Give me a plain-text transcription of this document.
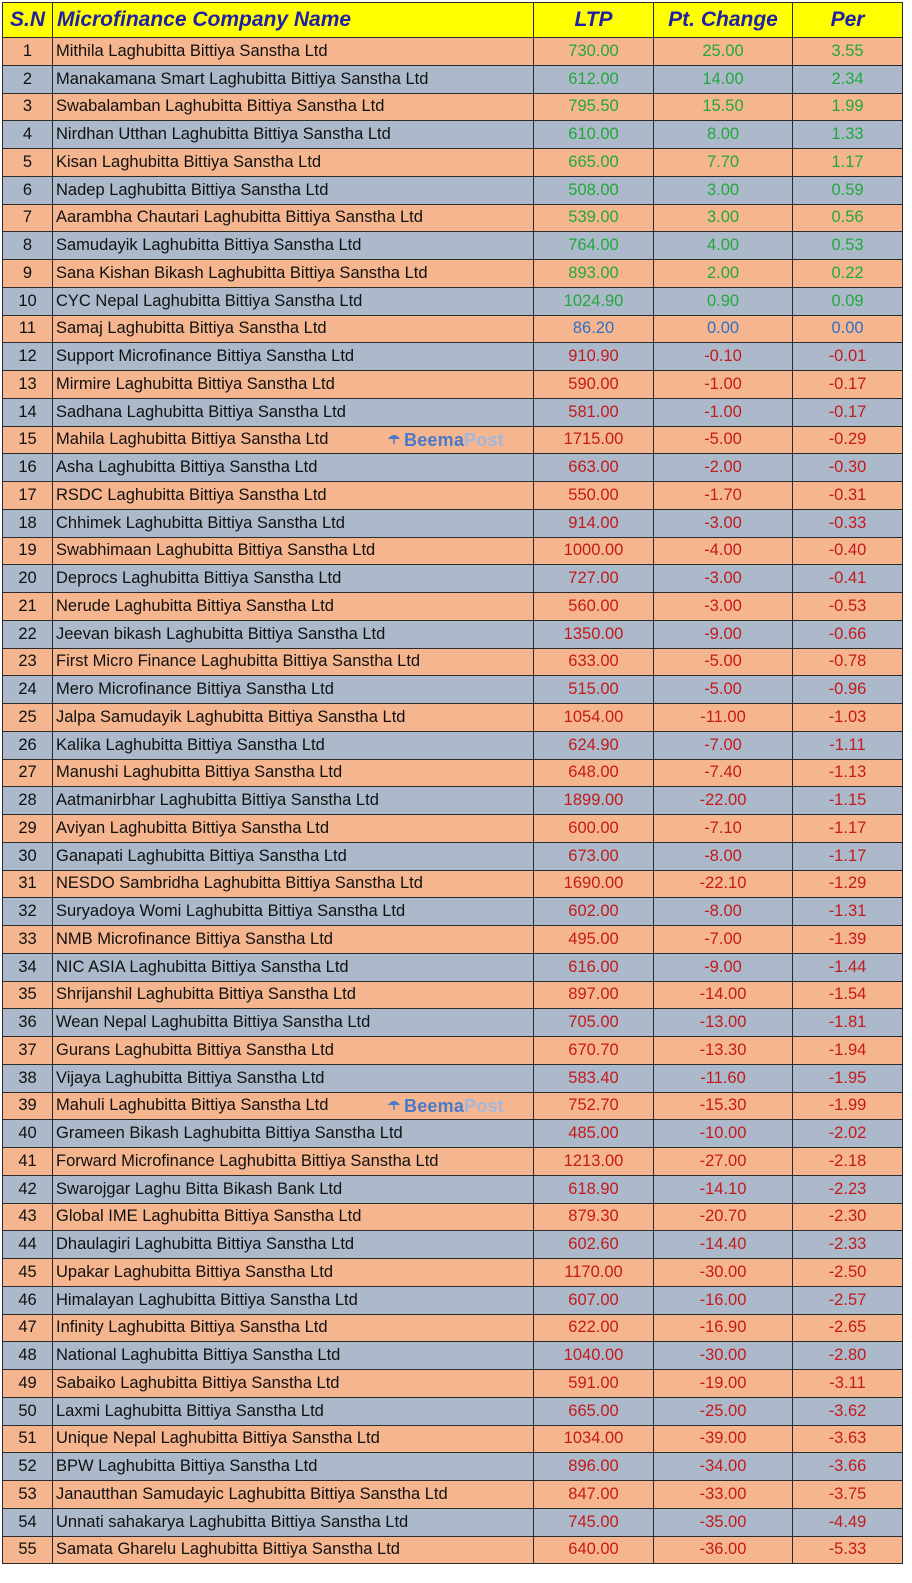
S.N	Microfinance Company Name	LTP	Pt. Change	Per
1	Mithila Laghubitta Bittiya Sanstha Ltd	730.00	25.00	3.55
2	Manakamana Smart Laghubitta Bittiya Sanstha Ltd	612.00	14.00	2.34
3	Swabalamban Laghubitta Bittiya Sanstha Ltd	795.50	15.50	1.99
4	Nirdhan Utthan Laghubitta Bittiya Sanstha Ltd	610.00	8.00	1.33
5	Kisan Laghubitta Bittiya Sanstha Ltd	665.00	7.70	1.17
6	Nadep Laghubitta Bittiya Sanstha Ltd	508.00	3.00	0.59
7	Aarambha Chautari Laghubitta Bittiya Sanstha Ltd	539.00	3.00	0.56
8	Samudayik Laghubitta Bittiya Sanstha Ltd	764.00	4.00	0.53
9	Sana Kishan Bikash Laghubitta Bittiya Sanstha Ltd	893.00	2.00	0.22
10	CYC Nepal Laghubitta Bittiya Sanstha Ltd	1024.90	0.90	0.09
11	Samaj Laghubitta Bittiya Sanstha Ltd	86.20	0.00	0.00
12	Support Microfinance Bittiya Sanstha Ltd	910.90	-0.10	-0.01
13	Mirmire Laghubitta Bittiya Sanstha Ltd	590.00	-1.00	-0.17
14	Sadhana Laghubitta Bittiya Sanstha Ltd	581.00	-1.00	-0.17
15	Mahila Laghubitta Bittiya Sanstha Ltd BeemaPost	1715.00	-5.00	-0.29
16	Asha Laghubitta Bittiya Sanstha Ltd	663.00	-2.00	-0.30
17	RSDC Laghubitta Bittiya Sanstha Ltd	550.00	-1.70	-0.31
18	Chhimek Laghubitta Bittiya Sanstha Ltd	914.00	-3.00	-0.33
19	Swabhimaan Laghubitta Bittiya Sanstha Ltd	1000.00	-4.00	-0.40
20	Deprocs Laghubitta Bittiya Sanstha Ltd	727.00	-3.00	-0.41
21	Nerude Laghubitta Bittiya Sanstha Ltd	560.00	-3.00	-0.53
22	Jeevan bikash Laghubitta Bittiya Sanstha Ltd	1350.00	-9.00	-0.66
23	First Micro Finance Laghubitta Bittiya Sanstha Ltd	633.00	-5.00	-0.78
24	Mero Microfinance Bittiya Sanstha Ltd	515.00	-5.00	-0.96
25	Jalpa Samudayik Laghubitta Bittiya Sanstha Ltd	1054.00	-11.00	-1.03
26	Kalika Laghubitta Bittiya Sanstha Ltd	624.90	-7.00	-1.11
27	Manushi Laghubitta Bittiya Sanstha Ltd	648.00	-7.40	-1.13
28	Aatmanirbhar Laghubitta Bittiya Sanstha Ltd	1899.00	-22.00	-1.15
29	Aviyan Laghubitta Bittiya Sanstha Ltd	600.00	-7.10	-1.17
30	Ganapati Laghubitta Bittiya Sanstha Ltd	673.00	-8.00	-1.17
31	NESDO Sambridha Laghubitta Bittiya Sanstha Ltd	1690.00	-22.10	-1.29
32	Suryadoya Womi Laghubitta Bittiya Sanstha Ltd	602.00	-8.00	-1.31
33	NMB Microfinance Bittiya Sanstha Ltd	495.00	-7.00	-1.39
34	NIC ASIA Laghubitta Bittiya Sanstha Ltd	616.00	-9.00	-1.44
35	Shrijanshil Laghubitta Bittiya Sanstha Ltd	897.00	-14.00	-1.54
36	Wean Nepal Laghubitta Bittiya Sanstha Ltd	705.00	-13.00	-1.81
37	Gurans Laghubitta Bittiya Sanstha Ltd	670.70	-13.30	-1.94
38	Vijaya Laghubitta Bittiya Sanstha Ltd	583.40	-11.60	-1.95
39	Mahuli Laghubitta Bittiya Sanstha Ltd BeemaPost	752.70	-15.30	-1.99
40	Grameen Bikash Laghubitta Bittiya Sanstha Ltd	485.00	-10.00	-2.02
41	Forward Microfinance Laghubitta Bittiya Sanstha Ltd	1213.00	-27.00	-2.18
42	Swarojgar Laghu Bitta Bikash Bank Ltd	618.90	-14.10	-2.23
43	Global IME Laghubitta Bittiya Sanstha Ltd	879.30	-20.70	-2.30
44	Dhaulagiri Laghubitta Bittiya Sanstha Ltd	602.60	-14.40	-2.33
45	Upakar Laghubitta Bittiya Sanstha Ltd	1170.00	-30.00	-2.50
46	Himalayan Laghubitta Bittiya Sanstha Ltd	607.00	-16.00	-2.57
47	Infinity Laghubitta Bittiya Sanstha Ltd	622.00	-16.90	-2.65
48	National Laghubitta Bittiya Sanstha Ltd	1040.00	-30.00	-2.80
49	Sabaiko Laghubitta Bittiya Sanstha Ltd	591.00	-19.00	-3.11
50	Laxmi Laghubitta Bittiya Sanstha Ltd	665.00	-25.00	-3.62
51	Unique Nepal Laghubitta Bittiya Sanstha Ltd	1034.00	-39.00	-3.63
52	BPW Laghubitta Bittiya Sanstha Ltd	896.00	-34.00	-3.66
53	Janautthan Samudayic Laghubitta Bittiya Sanstha Ltd	847.00	-33.00	-3.75
54	Unnati sahakarya Laghubitta Bittiya Sanstha Ltd	745.00	-35.00	-4.49
55	Samata Gharelu Laghubitta Bittiya Sanstha Ltd	640.00	-36.00	-5.33
